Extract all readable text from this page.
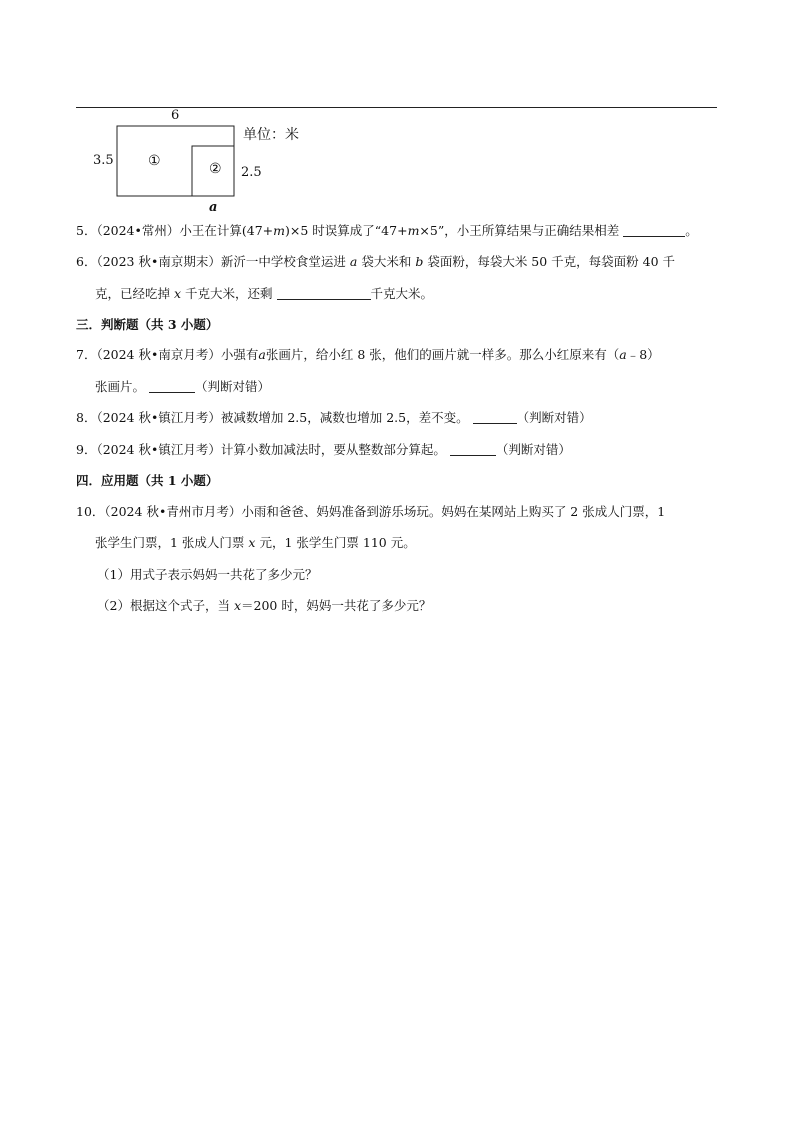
6
3.5 ①	② 2.5
a
单位：米
5．（2024•常州）小王在计算(47+m)×5 时误算成了“47+m×5”，小王所算结果与正确结果相差	。
6．（2023 秋•南京期末）新沂一中学校食堂运进 a 袋大米和 b 袋面粉，每袋大米 50 千克，每袋面粉 40 千
克，已经吃掉 x 千克大米，还剩	千克大米。
三．判断题（共 3 小题）
7．（2024 秋•南京月考）小强有a张画片，给小红 8 张，他们的画片就一样多。那么小红原来有（a﹣8）
张画片。	（判断对错）
8．（2024 秋•镇江月考）被减数增加 2.5，减数也增加 2.5，差不变。	（判断对错）
9．（2024 秋•镇江月考）计算小数加减法时，要从整数部分算起。	（判断对错）
四．应用题（共 1 小题）
10．（2024 秋•青州市月考）小雨和爸爸、妈妈准备到游乐场玩。妈妈在某网站上购买了 2 张成人门票，1
张学生门票，1 张成人门票 x 元，1 张学生门票 110 元。
（1）用式子表示妈妈一共花了多少元？
（2）根据这个式子，当 x＝200 时，妈妈一共花了多少元？
